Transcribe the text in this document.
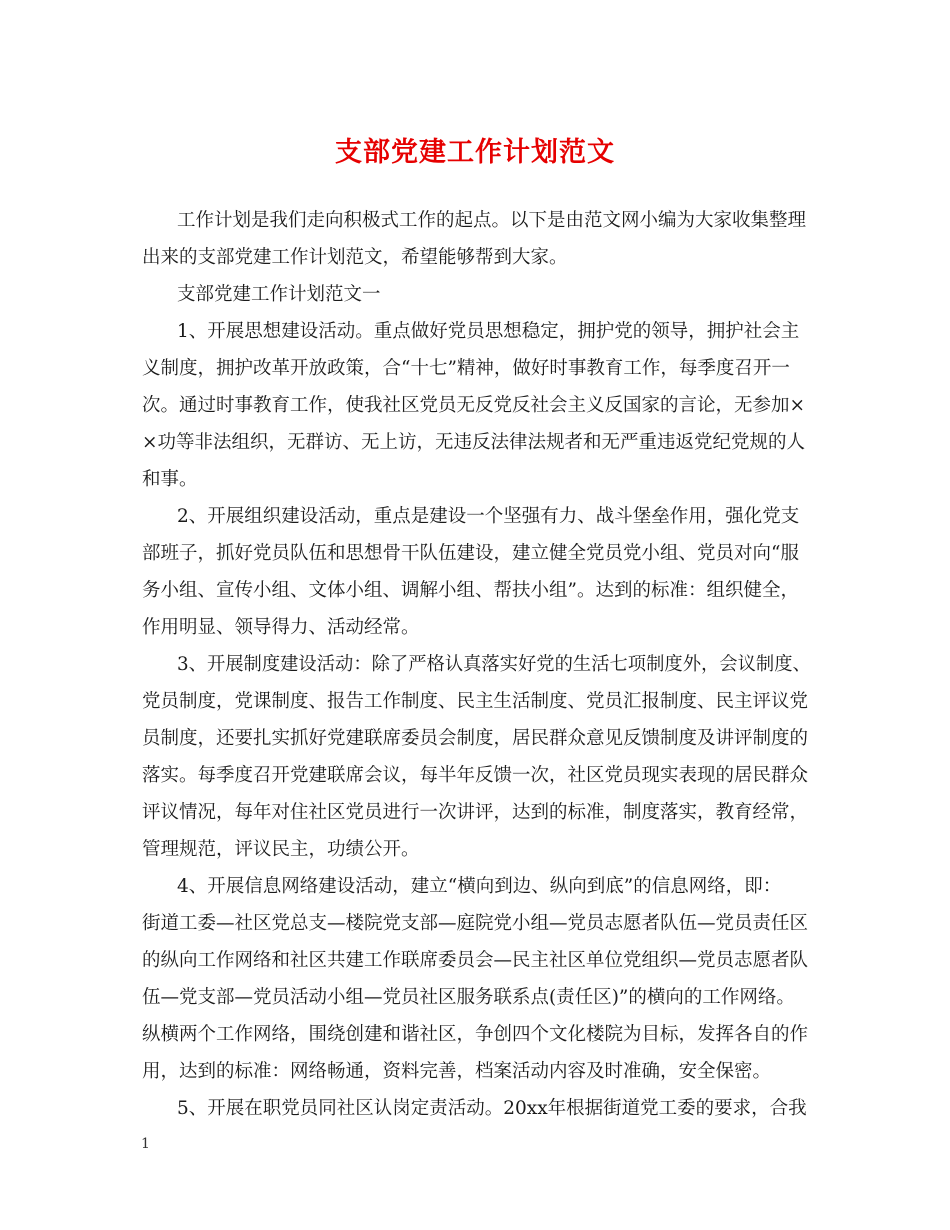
支部党建工作计划范文
工作计划是我们走向积极式工作的起点。以下是由范文网小编为大家收集整理
出来的支部党建工作计划范文，希望能够帮到大家。
支部党建工作计划范文一
1、开展思想建设活动。重点做好党员思想稳定，拥护党的领导，拥护社会主
义制度，拥护改革开放政策，合“十七”精神，做好时事教育工作，每季度召开一
次。通过时事教育工作，使我社区党员无反党反社会主义反国家的言论，无参加×
×功等非法组织，无群访、无上访，无违反法律法规者和无严重违返党纪党规的人
和事。
2、开展组织建设活动，重点是建设一个坚强有力、战斗堡垒作用，强化党支
部班子，抓好党员队伍和思想骨干队伍建设，建立健全党员党小组、党员对向“服
务小组、宣传小组、文体小组、调解小组、帮扶小组”。达到的标准：组织健全，
作用明显、领导得力、活动经常。
3、开展制度建设活动：除了严格认真落实好党的生活七项制度外，会议制度、
党员制度，党课制度、报告工作制度、民主生活制度、党员汇报制度、民主评议党
员制度，还要扎实抓好党建联席委员会制度，居民群众意见反馈制度及讲评制度的
落实。每季度召开党建联席会议，每半年反馈一次，社区党员现实表现的居民群众
评议情况，每年对住社区党员进行一次讲评，达到的标准，制度落实，教育经常，
管理规范，评议民主，功绩公开。
4、开展信息网络建设活动，建立“横向到边、纵向到底”的信息网络，即：
街道工委—社区党总支—楼院党支部—庭院党小组—党员志愿者队伍—党员责任区
的纵向工作网络和社区共建工作联席委员会—民主社区单位党组织—党员志愿者队
伍—党支部—党员活动小组—党员社区服务联系点(责任区)”的横向的工作网络。
纵横两个工作网络，围绕创建和谐社区，争创四个文化楼院为目标，发挥各自的作
用，达到的标准：网络畅通，资料完善，档案活动内容及时准确，安全保密。
5、开展在职党员同社区认岗定责活动。20xx年根据街道党工委的要求，合我
1
